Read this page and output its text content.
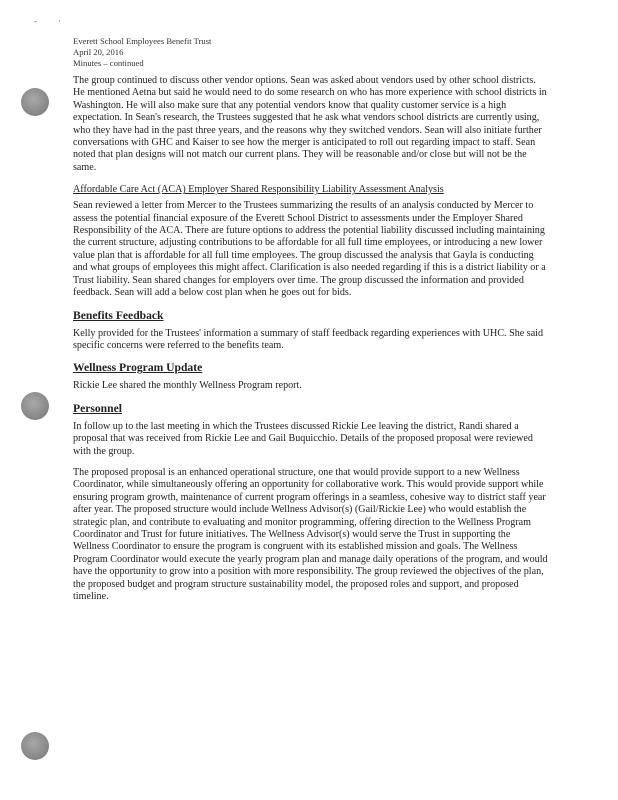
- ·
Everett School Employees Benefit Trust
April 20, 2016
Minutes – continued

The group continued to discuss other vendor options. Sean was asked about vendors used by other school districts. He mentioned Aetna but said he would need to do some research on who has more experience with school districts in Washington. He will also make sure that any potential vendors know that quality customer service is a high expectation. In Sean's research, the Trustees suggested that he ask what vendors school districts are currently using, who they have had in the past three years, and the reasons why they switched vendors. Sean will also initiate further conversations with GHC and Kaiser to see how the merger is anticipated to roll out regarding impact to staff. Sean noted that plan designs will not match our current plans. They will be reasonable and/or close but will not be the same.

Affordable Care Act (ACA) Employer Shared Responsibility Liability Assessment Analysis

Sean reviewed a letter from Mercer to the Trustees summarizing the results of an analysis conducted by Mercer to assess the potential financial exposure of the Everett School District to assessments under the Employer Shared Responsibility of the ACA. There are future options to address the potential liability discussed including maintaining the current structure, adjusting contributions to be affordable for all full time employees, or introducing a new lower value plan that is affordable for all full time employees. The group discussed the analysis that Gayla is conducting and what groups of employees this might affect. Clarification is also needed regarding if this is a district liability or a Trust liability. Sean shared changes for employers over time. The group discussed the information and provided feedback. Sean will add a below cost plan when he goes out for bids.

Benefits Feedback

Kelly provided for the Trustees' information a summary of staff feedback regarding experiences with UHC. She said specific concerns were referred to the benefits team.

Wellness Program Update

Rickie Lee shared the monthly Wellness Program report.

Personnel

In follow up to the last meeting in which the Trustees discussed Rickie Lee leaving the district, Randi shared a proposal that was received from Rickie Lee and Gail Buquicchio. Details of the proposed proposal were reviewed with the group.

The proposed proposal is an enhanced operational structure, one that would provide support to a new Wellness Coordinator, while simultaneously offering an opportunity for collaborative work. This would provide support while ensuring program growth, maintenance of current program offerings in a seamless, cohesive way to district staff year after year. The proposed structure would include Wellness Advisor(s) (Gail/Rickie Lee) who would establish the strategic plan, and contribute to evaluating and monitor programming, offering direction to the Wellness Program Coordinator and Trust for future initiatives. The Wellness Advisor(s) would serve the Trust in supporting the Wellness Coordinator to ensure the program is congruent with its established mission and goals. The Wellness Program Coordinator would execute the yearly program plan and manage daily operations of the program, and would have the opportunity to grow into a position with more responsibility. The group reviewed the objectives of the plan, the proposed budget and program structure sustainability model, the proposed roles and support, and proposed timeline.
